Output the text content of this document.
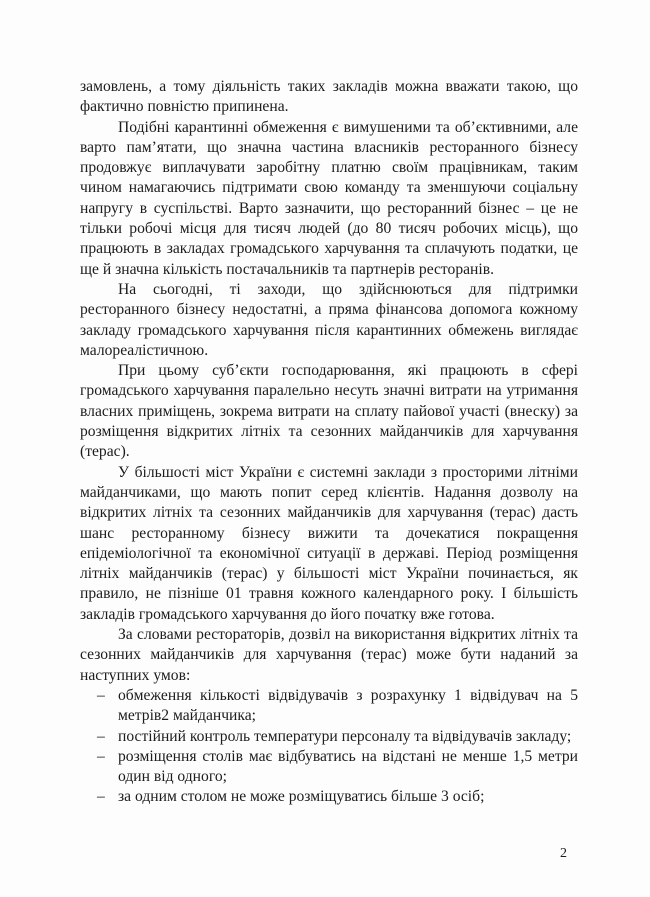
замовлень, а тому діяльність таких закладів можна вважати такою, що фактично повністю припинена.

Подібні карантинні обмеження є вимушеними та об’єктивними, але варто пам’ятати, що значна частина власників ресторанного бізнесу продовжує виплачувати заробітну платню своїм працівникам, таким чином намагаючись підтримати свою команду та зменшуючи соціальну напругу в суспільстві. Варто зазначити, що ресторанний бізнес – це не тільки робочі місця для тисяч людей (до 80 тисяч робочих місць), що працюють в закладах громадського харчування та сплачують податки, це ще й значна кількість постачальників та партнерів ресторанів.

На сьогодні, ті заходи, що здійснюються для підтримки ресторанного бізнесу недостатні, а пряма фінансова допомога кожному закладу громадського харчування після карантинних обмежень виглядає малореалістичною.

При цьому суб’єкти господарювання, які працюють в сфері громадського харчування паралельно несуть значні витрати на утримання власних приміщень, зокрема витрати на сплату пайової участі (внеску) за розміщення відкритих літніх та сезонних майданчиків для харчування (терас).

У більшості міст України є системні заклади з просторими літніми майданчиками, що мають попит серед клієнтів. Надання дозволу на відкритих літніх та сезонних майданчиків для харчування (терас) дасть шанс ресторанному бізнесу вижити та дочекатися покращення епідеміологічної та економічної ситуації в державі. Період розміщення літніх майданчиків (терас) у більшості міст України починається, як правило, не пізніше 01 травня кожного календарного року. І більшість закладів громадського харчування до його початку вже готова.

За словами рестораторів, дозвіл на використання відкритих літніх та сезонних майданчиків для харчування (терас) може бути наданий за наступних умов:

– обмеження кількості відвідувачів з розрахунку 1 відвідувач на 5 метрів2 майданчика;
– постійний контроль температури персоналу та відвідувачів закладу;
– розміщення столів має відбуватись на відстані не менше 1,5 метри один від одного;
– за одним столом не може розміщуватись більше 3 осіб;
2
